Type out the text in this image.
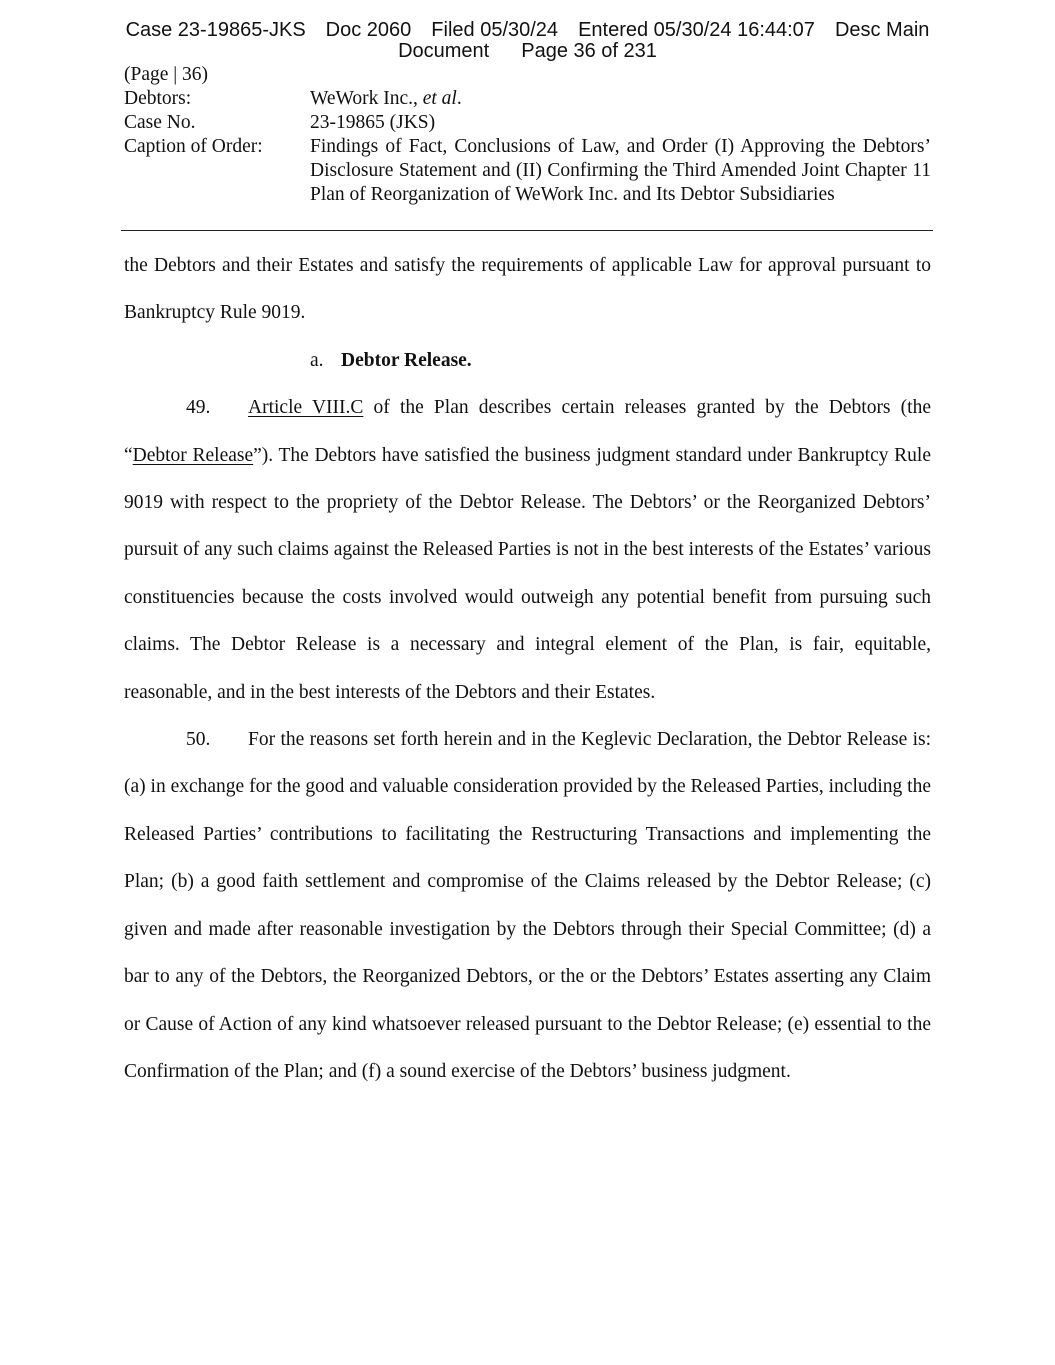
Case 23-19865-JKS Doc 2060 Filed 05/30/24 Entered 05/30/24 16:44:07 Desc Main
Document Page 36 of 231
(Page | 36)
Debtors:	WeWork Inc., et al.
Case No.	23-19865 (JKS)
Caption of Order:	Findings of Fact, Conclusions of Law, and Order (I) Approving the Debtors’ Disclosure Statement and (II) Confirming the Third Amended Joint Chapter 11 Plan of Reorganization of WeWork Inc. and Its Debtor Subsidiaries

the Debtors and their Estates and satisfy the requirements of applicable Law for approval pursuant to Bankruptcy Rule 9019.

a. Debtor Release.

49. Article VIII.C of the Plan describes certain releases granted by the Debtors (the “Debtor Release”). The Debtors have satisfied the business judgment standard under Bankruptcy Rule 9019 with respect to the propriety of the Debtor Release. The Debtors’ or the Reorganized Debtors’ pursuit of any such claims against the Released Parties is not in the best interests of the Estates’ various constituencies because the costs involved would outweigh any potential benefit from pursuing such claims. The Debtor Release is a necessary and integral element of the Plan, is fair, equitable, reasonable, and in the best interests of the Debtors and their Estates.

50. For the reasons set forth herein and in the Keglevic Declaration, the Debtor Release is: (a) in exchange for the good and valuable consideration provided by the Released Parties, including the Released Parties’ contributions to facilitating the Restructuring Transactions and implementing the Plan; (b) a good faith settlement and compromise of the Claims released by the Debtor Release; (c) given and made after reasonable investigation by the Debtors through their Special Committee; (d) a bar to any of the Debtors, the Reorganized Debtors, or the or the Debtors’ Estates asserting any Claim or Cause of Action of any kind whatsoever released pursuant to the Debtor Release; (e) essential to the Confirmation of the Plan; and (f) a sound exercise of the Debtors’ business judgment.
